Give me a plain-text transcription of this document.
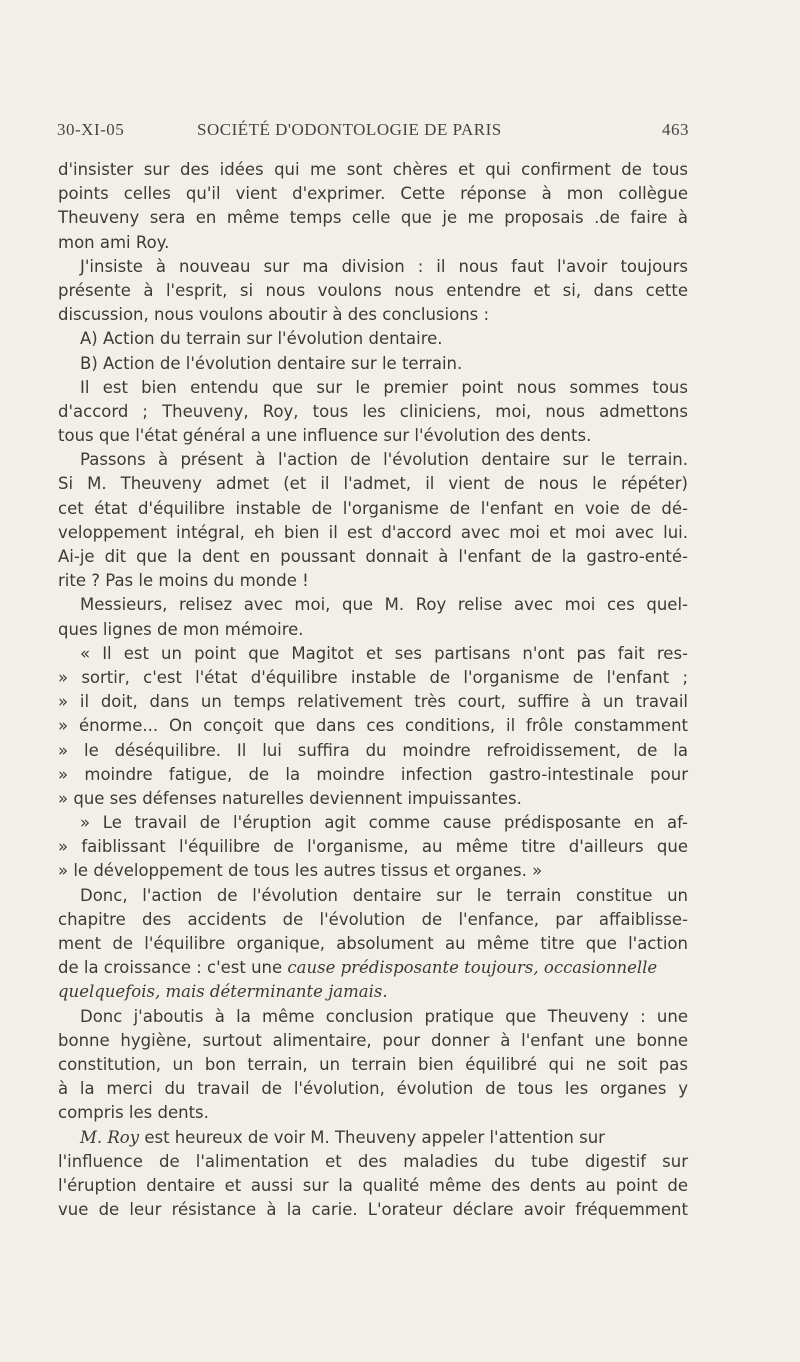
30-XI-05	SOCIÉTÉ D'ODONTOLOGIE DE PARIS	463
d'insister sur des idées qui me sont chères et qui confirment de tous
points celles qu'il vient d'exprimer. Cette réponse à mon collègue
Theuveny sera en même temps celle que je me proposais .de faire à
mon ami Roy.
J'insiste à nouveau sur ma division : il nous faut l'avoir toujours
présente à l'esprit, si nous voulons nous entendre et si, dans cette
discussion, nous voulons aboutir à des conclusions :
A) Action du terrain sur l'évolution dentaire.
B) Action de l'évolution dentaire sur le terrain.
Il est bien entendu que sur le premier point nous sommes tous
d'accord ; Theuveny, Roy, tous les cliniciens, moi, nous admettons
tous que l'état général a une influence sur l'évolution des dents.
Passons à présent à l'action de l'évolution dentaire sur le terrain.
Si M. Theuveny admet (et il l'admet, il vient de nous le répéter)
cet état d'équilibre instable de l'organisme de l'enfant en voie de dé-
veloppement intégral, eh bien il est d'accord avec moi et moi avec lui.
Ai-je dit que la dent en poussant donnait à l'enfant de la gastro-enté-
rite ? Pas le moins du monde !
Messieurs, relisez avec moi, que M. Roy relise avec moi ces quel-
ques lignes de mon mémoire.
« Il est un point que Magitot et ses partisans n'ont pas fait res-
» sortir, c'est l'état d'équilibre instable de l'organisme de l'enfant ;
» il doit, dans un temps relativement très court, suffire à un travail
» énorme... On conçoit que dans ces conditions, il frôle constamment
» le déséquilibre. Il lui suffira du moindre refroidissement, de la
» moindre fatigue, de la moindre infection gastro-intestinale pour
» que ses défenses naturelles deviennent impuissantes.
» Le travail de l'éruption agit comme cause prédisposante en af-
» faiblissant l'équilibre de l'organisme, au même titre d'ailleurs que
» le développement de tous les autres tissus et organes. »
Donc, l'action de l'évolution dentaire sur le terrain constitue un
chapitre des accidents de l'évolution de l'enfance, par affaiblisse-
ment de l'équilibre organique, absolument au même titre que l'action
de la croissance : c'est une cause prédisposante toujours, occasionnelle
quelquefois, mais déterminante jamais.
Donc j'aboutis à la même conclusion pratique que Theuveny : une
bonne hygiène, surtout alimentaire, pour donner à l'enfant une bonne
constitution, un bon terrain, un terrain bien équilibré qui ne soit pas
à la merci du travail de l'évolution, évolution de tous les organes y
compris les dents.
M. Roy est heureux de voir M. Theuveny appeler l'attention sur
l'influence de l'alimentation et des maladies du tube digestif sur
l'éruption dentaire et aussi sur la qualité même des dents au point de
vue de leur résistance à la carie. L'orateur déclare avoir fréquemment
